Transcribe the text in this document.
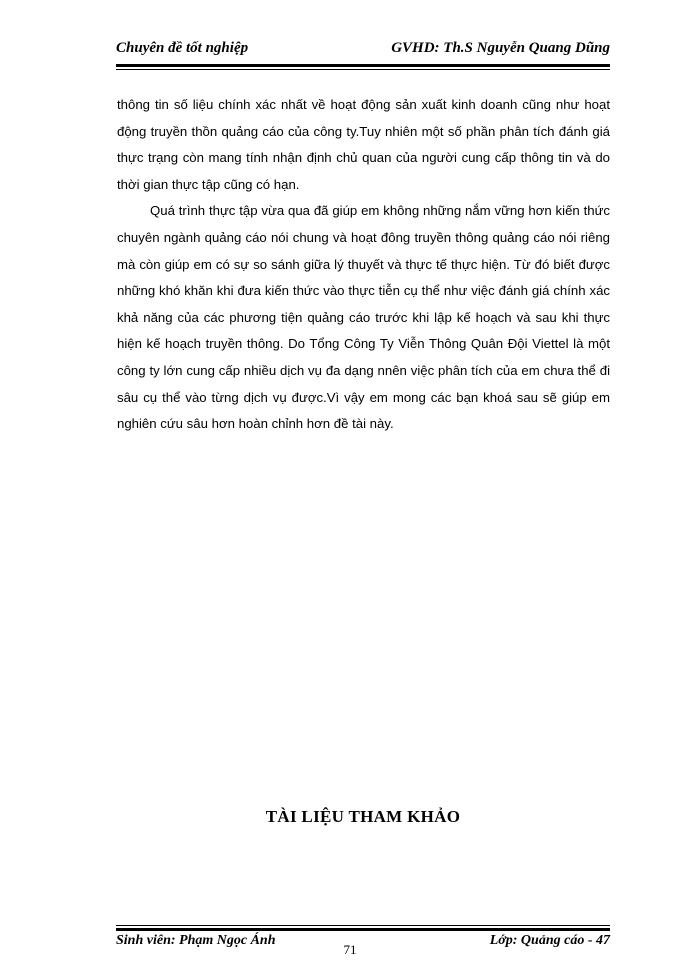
Chuyên đề tốt nghiệp	GVHD: Th.S Nguyễn Quang Dũng

thông tin số liệu chính xác nhất về hoạt động sản xuất kinh doanh cũng như hoạt động truyền thồn quảng cáo của công ty.Tuy nhiên một số phần phân tích đánh giá thực trạng còn mang tính nhận định chủ quan của người cung cấp thông tin và do thời gian thực tập cũng có hạn.

Quá trình thực tập vừa qua đã giúp em không những nắm vững hơn kiến thức chuyên ngành quảng cáo nói chung và hoạt đông truyền thông quảng cáo nói riêng mà còn giúp em có sự so sánh giữa lý thuyết và thực tế thực hiện. Từ đó biết được những khó khăn khi đưa kiến thức vào thực tiễn cụ thể như việc đánh giá chính xác khả năng của các phương tiện quảng cáo trước khi lập kế hoạch và sau khi thực hiện kế hoạch truyền thông. Do Tổng Công Ty Viễn Thông Quân Đội Viettel là một công ty lớn cung cấp nhiều dịch vụ đa dạng nnên việc phân tích của em chưa thể đi sâu cụ thể vào từng dịch vụ được.Vì vậy em mong các bạn khoá sau sẽ giúp em nghiên cứu sâu hơn hoàn chỉnh hơn đề tài này.

TÀI LIỆU THAM KHẢO
Sinh viên: Phạm Ngọc Ánh	Lớp: Quảng cáo - 47
71
